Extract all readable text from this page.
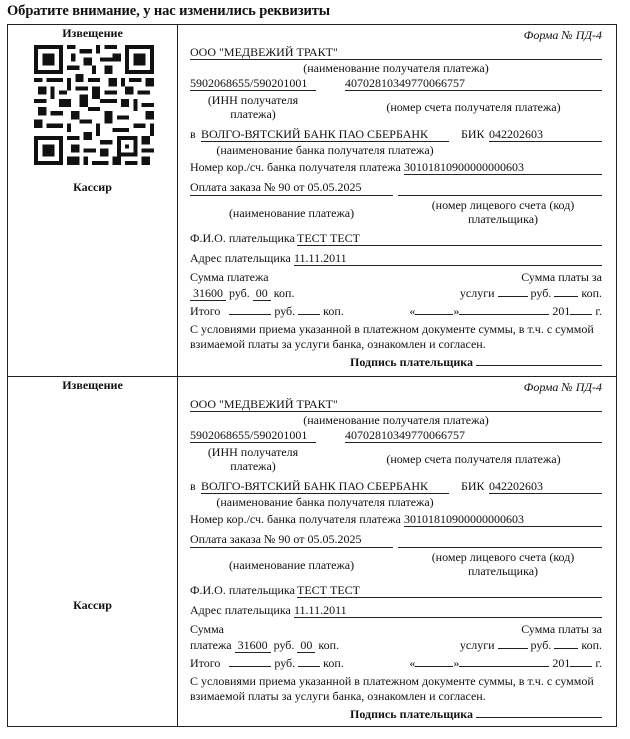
Обратите внимание, у нас изменились реквизиты
Извещение
Кассир
Форма № ПД-4
ООО "МЕДВЕЖИЙ ТРАКТ"
(наименование получателя платежа)
5902068655/590201001	40702810349770066757
(ИНН получателя платежа)	(номер счета получателя платежа)
в ВОЛГО-ВЯТСКИЙ БАНК ПАО СБЕРБАНК	БИК 042202603
(наименование банка получателя платежа)
Номер кор./сч. банка получателя платежа 30101810900000000603
Оплата заказа № 90 от 05.05.2025
(наименование платежа)
(номер лицевого счета (код) плательщика)
Ф.И.О. плательщика ТЕСТ ТЕСТ
Адрес плательщика 11.11.2011
Сумма платежа	Сумма платы за
31600 руб. 00 коп.	услуги	руб.	коп.
Итого	руб. коп.	«	»	201 г.
С условиями приема указанной в платежном документе суммы, в т.ч. с суммой
взимаемой платы за услуги банка, ознакомлен и согласен.
Подпись плательщика
Извещение
Кассир
Форма № ПД-4
ООО "МЕДВЕЖИЙ ТРАКТ"
(наименование получателя платежа)
5902068655/590201001	40702810349770066757
(ИНН получателя платежа)	(номер счета получателя платежа)
в ВОЛГО-ВЯТСКИЙ БАНК ПАО СБЕРБАНК	БИК 042202603
(наименование банка получателя платежа)
Номер кор./сч. банка получателя платежа 30101810900000000603
Оплата заказа № 90 от 05.05.2025
(наименование платежа)
(номер лицевого счета (код) плательщика)
Ф.И.О. плательщика ТЕСТ ТЕСТ
Адрес плательщика 11.11.2011
Сумма	Сумма платы за
платежа 31600 руб. 00 коп.	услуги	руб.	коп.
Итого	руб. коп.	«	»	201 г.
С условиями приема указанной в платежном документе суммы, в т.ч. с суммой
взимаемой платы за услуги банка, ознакомлен и согласен.
Подпись плательщика
